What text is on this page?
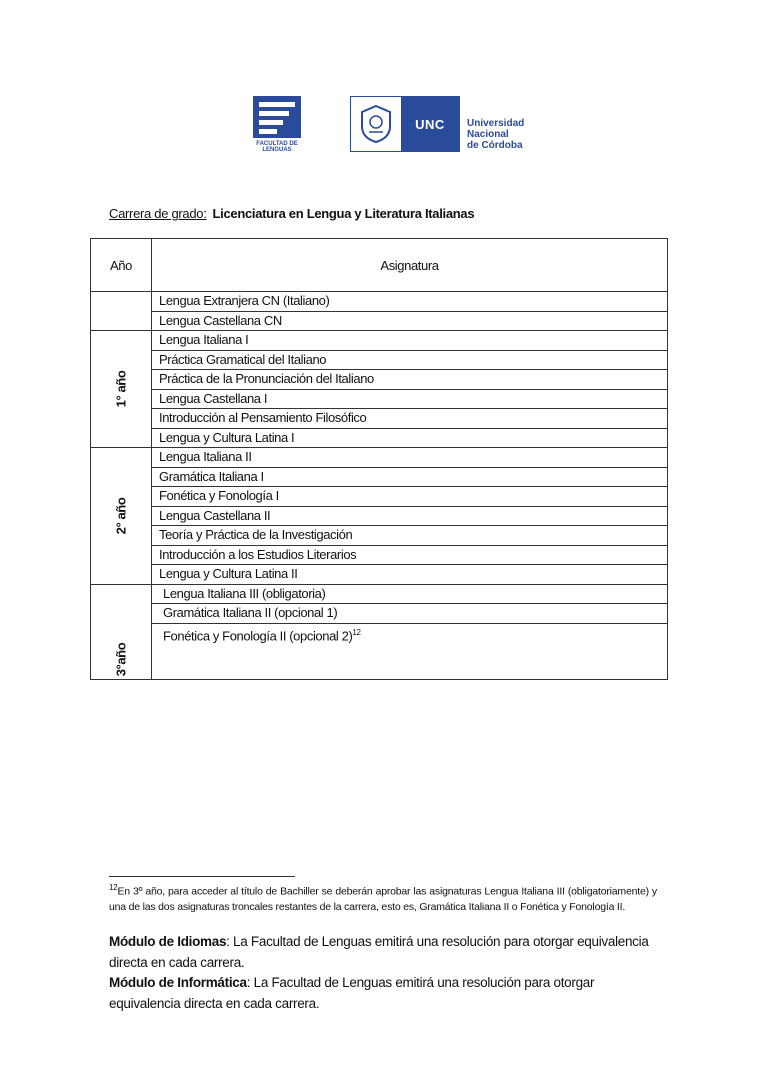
FACULTAD DE
LENGUAS
UNC	Universidad
Nacional
de Córdoba
Carrera de grado: Licenciatura en Lengua y Literatura Italianas
Año	Asignatura
	Lengua Extranjera CN (Italiano)
	Lengua Castellana CN

1° año	Lengua Italiana I
	Práctica Gramatical del Italiano
	Práctica de la Pronunciación del Italiano
	Lengua Castellana I
	Introducción al Pensamiento Filosófico
	Lengua y Cultura Latina I

2° año	Lengua Italiana II
	Gramática Italiana I
	Fonética y Fonología I
	Lengua Castellana II
	Teoría y Práctica de la Investigación
	Introducción a los Estudios Literarios
	Lengua y Cultura Latina II

3°año	Lengua Italiana III (obligatoria)
	Gramática Italiana II (opcional 1)
	Fonética y Fonología II (opcional 2)$^{12}$
$^{12}$En 3º año, para acceder al título de Bachiller se deberán aprobar las asignaturas Lengua Italiana III (obligatoriamente) y una de las dos asignaturas troncales restantes de la carrera, esto es, Gramática Italiana II o Fonética y Fonología II.
Módulo de Idiomas: La Facultad de Lenguas emitirá una resolución para otorgar equivalencia directa en cada carrera.
Módulo de Informática: La Facultad de Lenguas emitirá una resolución para otorgar equivalencia directa en cada carrera.
